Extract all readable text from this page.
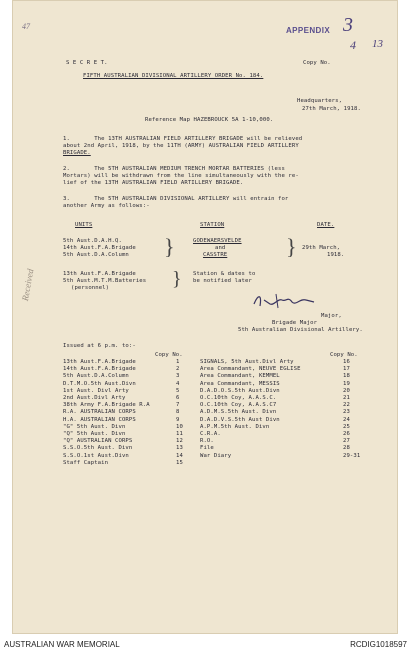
47	APPENDIX 3
4 13
Received
S E C R E T.	Copy No.
FIFTH AUSTRALIAN DIVISIONAL ARTILLERY ORDER No. 184.
Headquarters,
27th March, 1918.
Reference Map HAZEBROUCK 5A 1-10,000.
1.       The 13TH AUSTRALIAN FIELD ARTILLERY BRIGADE will be relieved
about 2nd April, 1918, by the 11TH (ARMY) AUSTRALIAN FIELD ARTILLERY
BRIGADE.
2.       The 5TH AUSTRALIAN MEDIUM TRENCH MORTAR BATTERIES (less
Mortars) will be withdrawn from the line simultaneously with the re-
lief of the 13TH AUSTRALIAN FIELD ARTILLERY BRIGADE.
3.       The 5TH AUSTRALIAN DIVISIONAL ARTILLERY will entrain for
another Army as follows:-
UNITS	STATION	DATE.
5th Aust.D.A.H.Q.
14th Aust.F.A.Brigade
5th Aust.D.A.Column }	GODEWAERSVELDE
and
CASSTRE	} 29th March,
1918.
13th Aust.F.A.Brigade
5th Aust.M.T.M.Batteries
(personnel)	} Station & dates to
be notified later
Major,
Brigade Major
5th Australian Divisional Artillery.
Issued at 6 p.m. to:-
Copy No.	Copy No.
13th Aust.F.A.Brigade	1
14th Aust.F.A.Brigade	2
5th Aust.D.A.Column	3
D.T.M.O.5th Aust.Divn	4
1st Aust. Divl Arty	5
2nd Aust.Divl Arty	6
38th Army F.A.Brigade R.A	7
R.A. AUSTRALIAN CORPS	8
H.A. AUSTRALIAN CORPS	9
"G" 5th Aust. Divn	10
"Q" 5th Aust. Divn	11
"Q" AUSTRALIAN CORPS	12
S.S.O.5th Aust. Divn	13
S.S.O.1st Aust.Divn	14
Staff Captain	15
SIGNALS, 5th Aust.Divl Arty	16
Area Commandant, NEUVE EGLISE	17
Area Commandant, KEMMEL	18
Area Commandant, MESSIS	19
D.A.D.O.S.5th Aust.Divn	20
O.C.10th Coy, A.A.S.C.	21
O.C.10th Coy, A.A.S.C7	22
A.D.M.S.5th Aust. Divn	23
D.A.D.V.S.5th Aust Divn	24
A.P.M.5th Aust. Divn	25
C.R.A.	26
R.O.	27
File	28
War Diary	29-31
AUSTRALIAN WAR MEMORIAL	RCDIG1018597
